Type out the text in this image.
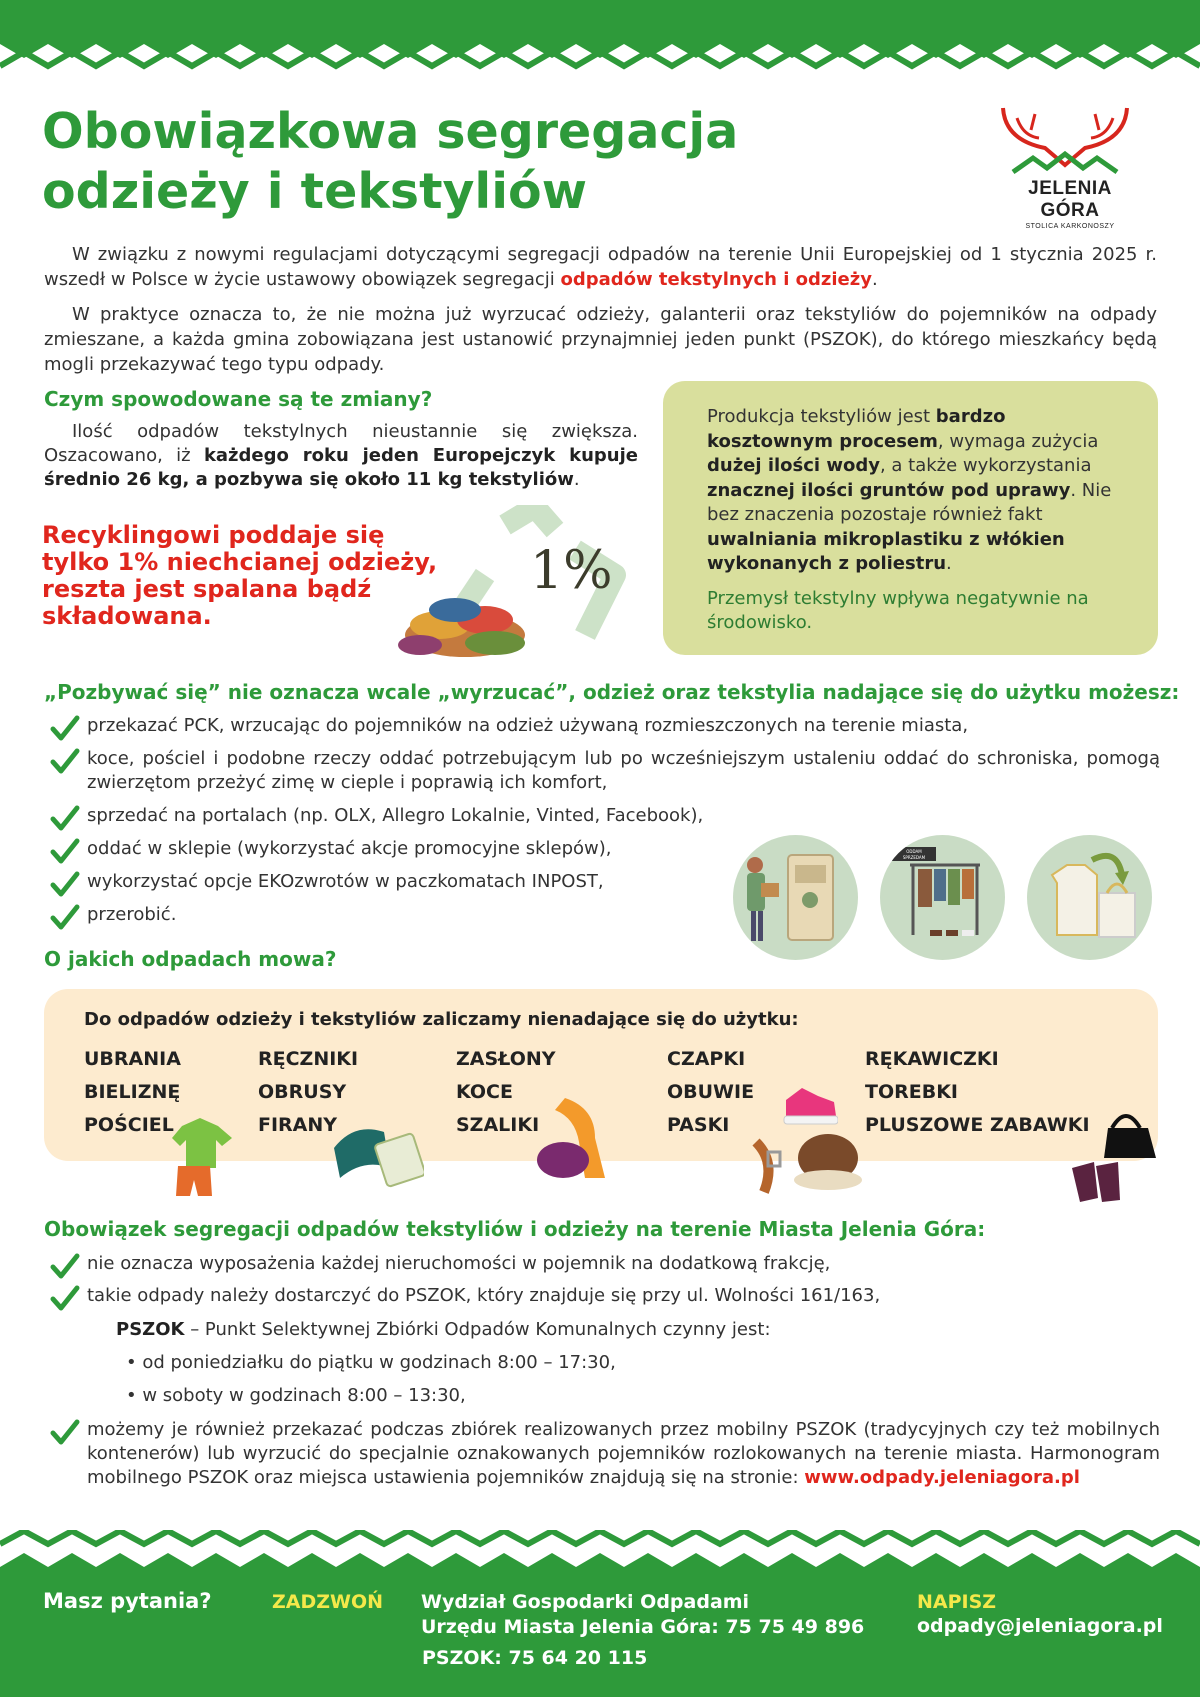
Obowiązkowa segregacja
odzieży i tekstyliów	JELENIA GÓRA
STOLICA KARKONOSZY
W związku z nowymi regulacjami dotyczącymi segregacji odpadów na terenie Unii Europejskiej od 1 stycznia 2025 r. wszedł w Polsce w życie ustawowy obowiązek segregacji odpadów tekstylnych i odzieży.
W praktyce oznacza to, że nie można już wyrzucać odzieży, galanterii oraz tekstyliów do pojemników na odpady zmieszane, a każda gmina zobowiązana jest ustanowić przynajmniej jeden punkt (PSZOK), do którego mieszkańcy będą mogli przekazywać tego typu odpady.
Czym spowodowane są te zmiany?
Ilość odpadów tekstylnych nieustannie się zwiększa. Oszacowano, iż każdego roku jeden Europejczyk kupuje średnio 26 kg, a pozbywa się około 11 kg tekstyliów.
Recyklingowi poddaje się
tylko 1% niechcianej odzieży,
reszta jest spalana bądź
składowana.
1%
Produkcja tekstyliów jest bardzo kosztownym procesem, wymaga zużycia dużej ilości wody, a także wykorzystania znacznej ilości gruntów pod uprawy. Nie bez znaczenia pozostaje również fakt uwalniania mikroplastiku z włókien wykonanych z poliestru.
Przemysł tekstylny wpływa negatywnie na środowisko.
„Pozbywać się” nie oznacza wcale „wyrzucać”, odzież oraz tekstylia nadające się do użytku możesz:
przekazać PCK, wrzucając do pojemników na odzież używaną rozmieszczonych na terenie miasta,
koce, pościel i podobne rzeczy oddać potrzebującym lub po wcześniejszym ustaleniu oddać do schroniska, pomogą zwierzętom przeżyć zimę w cieple i poprawią ich komfort,
sprzedać na portalach (np. OLX, Allegro Lokalnie, Vinted, Facebook),
oddać w sklepie (wykorzystać akcje promocyjne sklepów),
wykorzystać opcje EKOzwrotów w paczkomatach INPOST,
przerobić.
ODDAM
SPRZEDAM
O jakich odpadach mowa?
Do odpadów odzieży i tekstyliów zaliczamy nienadające się do użytku:
UBRANIA
BIELIZNĘ
POŚCIEL
RĘCZNIKI
OBRUSY
FIRANY
ZASŁONY
KOCE
SZALIKI
CZAPKI
OBUWIE
PASKI
RĘKAWICZKI
TOREBKI
PLUSZOWE ZABAWKI
Obowiązek segregacji odpadów tekstyliów i odzieży na terenie Miasta Jelenia Góra:
nie oznacza wyposażenia każdej nieruchomości w pojemnik na dodatkową frakcję,
takie odpady należy dostarczyć do PSZOK, który znajduje się przy ul. Wolności 161/163,
PSZOK – Punkt Selektywnej Zbiórki Odpadów Komunalnych czynny jest:
• od poniedziałku do piątku w godzinach 8:00 – 17:30,
• w soboty w godzinach 8:00 – 13:30,
możemy je również przekazać podczas zbiórek realizowanych przez mobilny PSZOK (tradycyjnych czy też mobilnych kontenerów) lub wyrzucić do specjalnie oznakowanych pojemników rozlokowanych na terenie miasta. Harmonogram mobilnego PSZOK oraz miejsca ustawienia pojemników znajdują się na stronie: www.odpady.jeleniagora.pl
Masz pytania?	ZADZWOŃ Wydział Gospodarki Odpadami
Urzędu Miasta Jelenia Góra: 75 75 49 896
PSZOK: 75 64 20 115
NAPISZ
odpady@jeleniagora.pl
